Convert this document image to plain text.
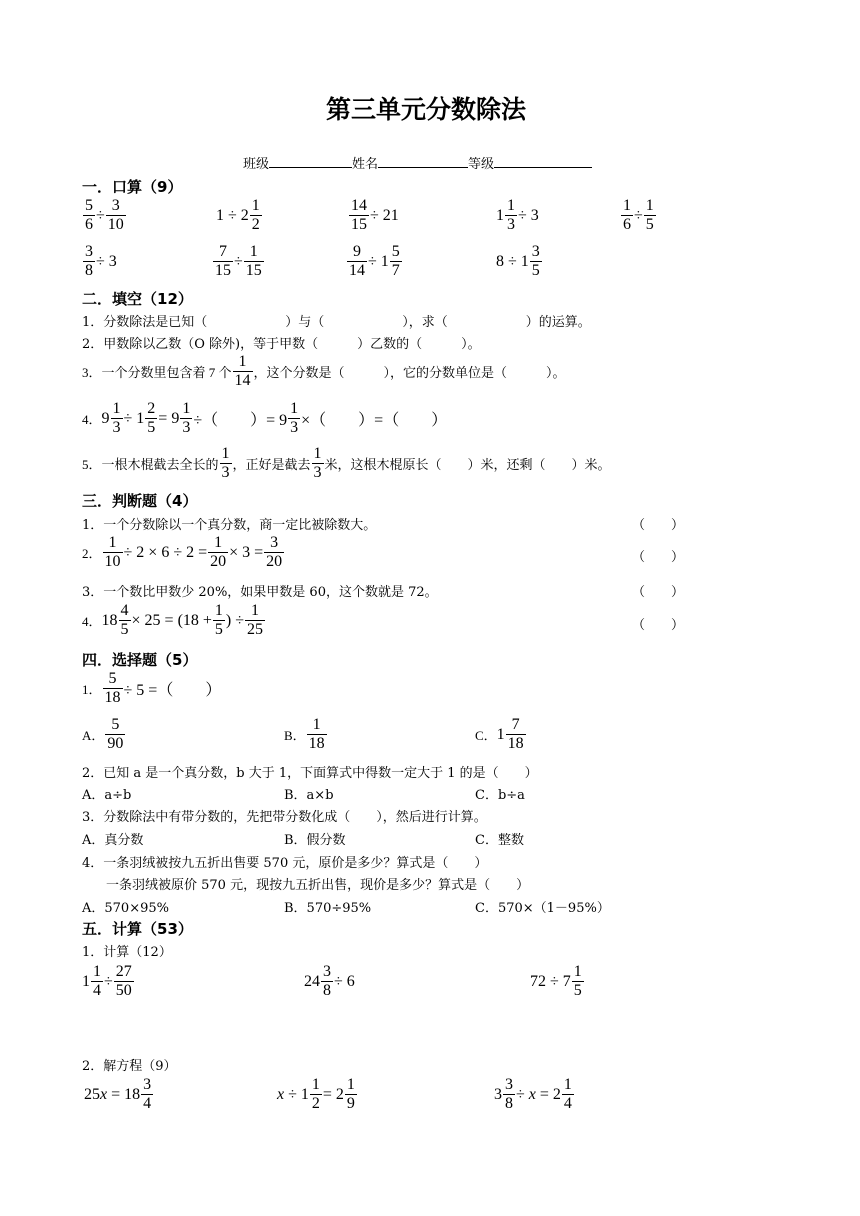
第三单元分数除法
班级	姓名	等级
一．口算（9）
$\frac{5}{6} \div \frac{3}{10}$	$1 \div 2 \frac{1}{2}$	$\frac{14}{15} \div 21$	$1 \frac{1}{3} \div 3$	$\frac{1}{6} \div \frac{1}{5}$
$\frac{3}{8} \div 3$	$\frac{7}{15} \div \frac{1}{15}$	$\frac{9}{14} \div 1 \frac{5}{7}$	$8 \div 1 \frac{3}{5}$
二．填空（12）
1．分数除法是已知（　　　　　　）与（　　　　　　），求（　　　　　　）的运算。
2．甲数除以乙数（O 除外)，等于甲数（　　　）乙数的（　　　）。
3．一个分数里包含着 7 个 $\frac{1}{14}$ ，这个分数是（　　　），它的分数单位是（　　　）。
4． $9 \frac{1}{3} \div 1 \frac{2}{5} = 9 \frac{1}{3}$ ÷（　　）= $9 \frac{1}{3}$ ×（　　）=（　　）
5．一根木棍截去全长的 $\frac{1}{3}$ ，正好是截去 $\frac{1}{3}$ 米，这根木棍原长（　　）米，还剩（　　）米。
三．判断题（4）
1．一个分数除以一个真分数，商一定比被除数大。	（　　）
2． $\frac{1}{10} \div 2 \times 6 \div 2 = \frac{1}{20} \times 3 = \frac{3}{20}$	（　　）
3．一个数比甲数少 20%，如果甲数是 60，这个数就是 72。	（　　）
4． $18 \frac{4}{5} \times 25 = (18 + \frac{1}{5}$ ) ÷ $\frac{1}{25}$	（　　）
四．选择题（5）
1． $\frac{5}{18} \div 5$ =（　　）
A． $\frac{5}{90}$	B． $\frac{1}{18}$	C． $1 \frac{7}{18}$
2．已知 a 是一个真分数，b 大于 1，下面算式中得数一定大于 1 的是（　　）
A．a÷b	B．a×b	C．b÷a
3．分数除法中有带分数的，先把带分数化成（　　），然后进行计算。
A．真分数	B．假分数	C．整数
4．一条羽绒被按九五折出售要 570 元，原价是多少？算式是（　　）
一条羽绒被原价 570 元，现按九五折出售，现价是多少？算式是（　　）
A．570×95%	B．570÷95%	C．570×（1－95%）
五．计算（53）
1．计算（12）
$1 \frac{1}{4} \div \frac{27}{50}$	$24 \frac{3}{8} \div 6$	$72 \div 7 \frac{1}{5}$
2．解方程（9）
25 $x = 18 \frac{3}{4}$	$x \div 1 \frac{1}{2} = 2 \frac{1}{9}$	$3 \frac{3}{8} \div x = 2 \frac{1}{4}$
